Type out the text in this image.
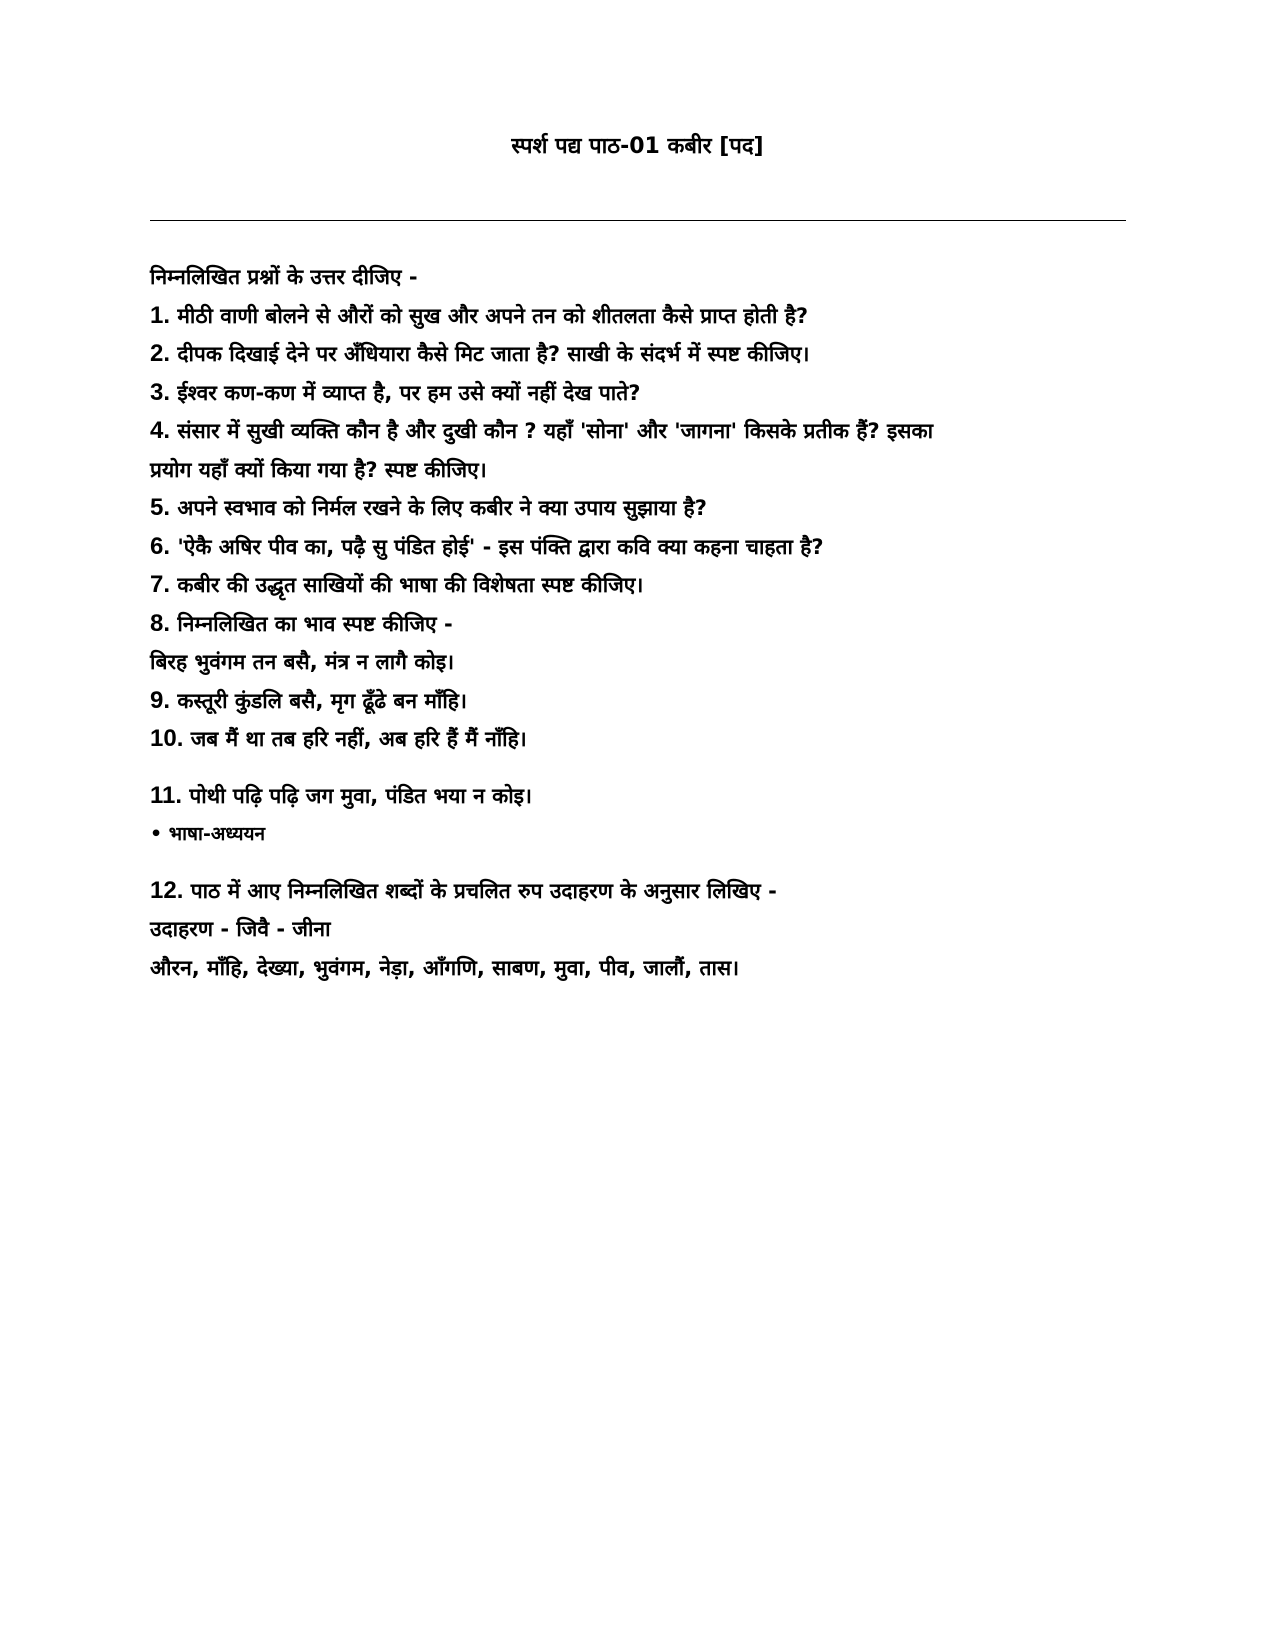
स्पर्श पद्य पाठ-01 कबीर [पद]
निम्नलिखित प्रश्नों के उत्तर दीजिए -
1. मीठी वाणी बोलने से औरों को सुख और अपने तन को शीतलता कैसे प्राप्त होती है?
2. दीपक दिखाई देने पर अँधियारा कैसे मिट जाता है? साखी के संदर्भ में स्पष्ट कीजिए।
3. ईश्वर कण-कण में व्याप्त है, पर हम उसे क्यों नहीं देख पाते?
4. संसार में सुखी व्यक्ति कौन है और दुखी कौन ? यहाँ 'सोना' और 'जागना' किसके प्रतीक हैं? इसका
प्रयोग यहाँ क्यों किया गया है? स्पष्ट कीजिए।
5. अपने स्वभाव को निर्मल रखने के लिए कबीर ने क्या उपाय सुझाया है?
6. 'ऐकै अषिर पीव का, पढ़ै सु पंडित होई' - इस पंक्ति द्वारा कवि क्या कहना चाहता है?
7. कबीर की उद्धृत साखियों की भाषा की विशेषता स्पष्ट कीजिए।
8. निम्नलिखित का भाव स्पष्ट कीजिए -
बिरह भुवंगम तन बसै, मंत्र न लागै कोइ।
9. कस्तूरी कुंडलि बसै, मृग ढूँढे बन माँहि।
10. जब मैं था तब हरि नहीं, अब हरि हैं मैं नाँहि।
11. पोथी पढ़ि पढ़ि जग मुवा, पंडित भया न कोइ।
• भाषा-अध्ययन
12. पाठ में आए निम्नलिखित शब्दों के प्रचलित रुप उदाहरण के अनुसार लिखिए -
उदाहरण - जिवै - जीना
औरन, माँहि, देख्या, भुवंगम, नेड़ा, आँगणि, साबण, मुवा, पीव, जालौं, तास।
